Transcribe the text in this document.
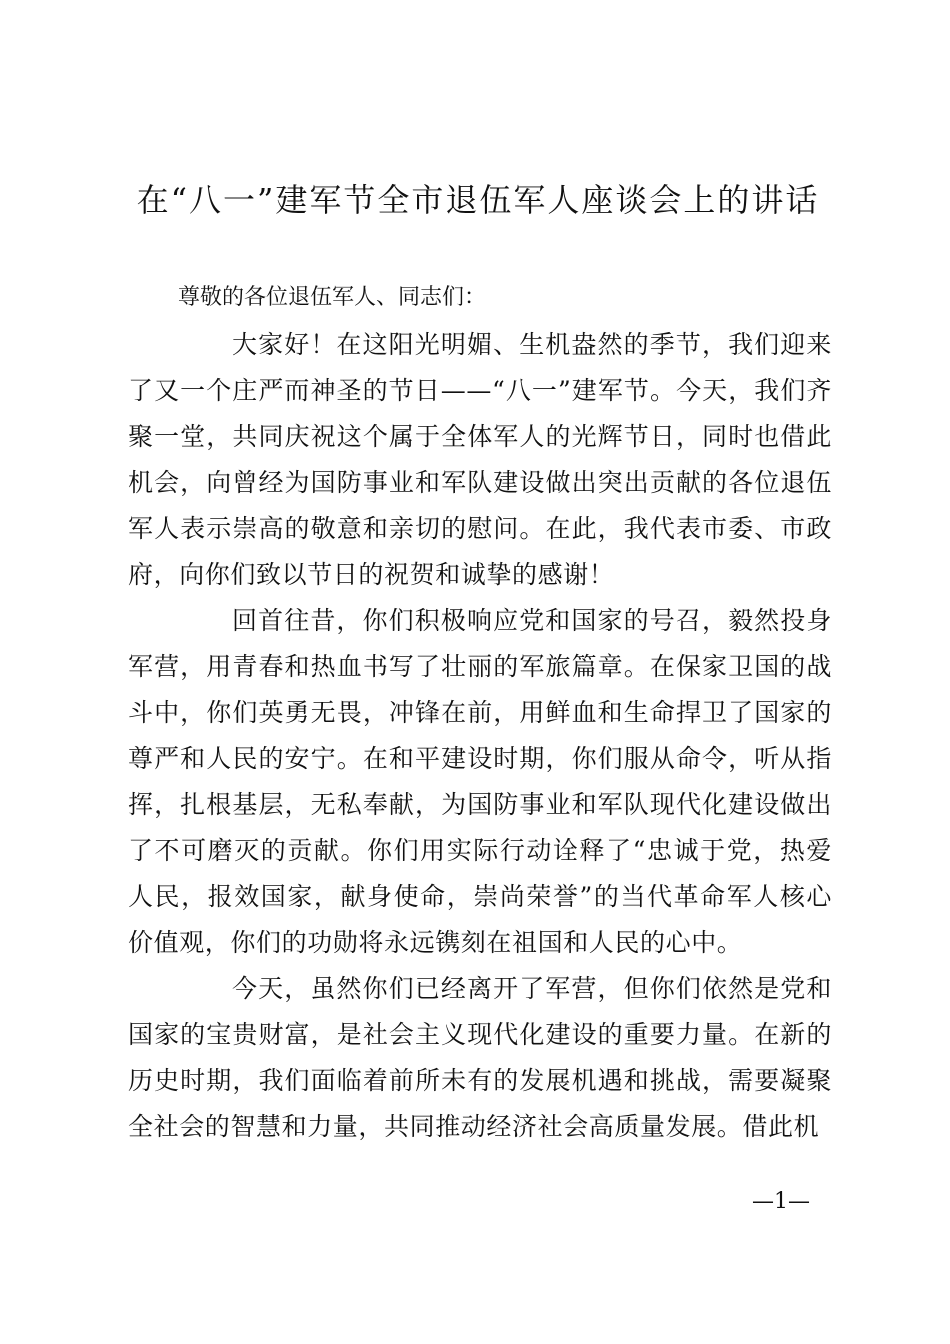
在“八一”建军节全市退伍军人座谈会上的讲话

尊敬的各位退伍军人、同志们：

大家好！在这阳光明媚、生机盎然的季节，我们迎来了又一个庄严而神圣的节日——“八一”建军节。今天，我们齐聚一堂，共同庆祝这个属于全体军人的光辉节日，同时也借此机会，向曾经为国防事业和军队建设做出突出贡献的各位退伍军人表示崇高的敬意和亲切的慰问。在此，我代表市委、市政府，向你们致以节日的祝贺和诚挚的感谢！

回首往昔，你们积极响应党和国家的号召，毅然投身军营，用青春和热血书写了壮丽的军旅篇章。在保家卫国的战斗中，你们英勇无畏，冲锋在前，用鲜血和生命捍卫了国家的尊严和人民的安宁。在和平建设时期，你们服从命令，听从指挥，扎根基层，无私奉献，为国防事业和军队现代化建设做出了不可磨灭的贡献。你们用实际行动诠释了“忠诚于党，热爱人民，报效国家，献身使命，崇尚荣誉”的当代革命军人核心价值观，你们的功勋将永远镌刻在祖国和人民的心中。

今天，虽然你们已经离开了军营，但你们依然是党和国家的宝贵财富，是社会主义现代化建设的重要力量。在新的历史时期，我们面临着前所未有的发展机遇和挑战，需要凝聚全社会的智慧和力量，共同推动经济社会高质量发展。借此机

—1—
